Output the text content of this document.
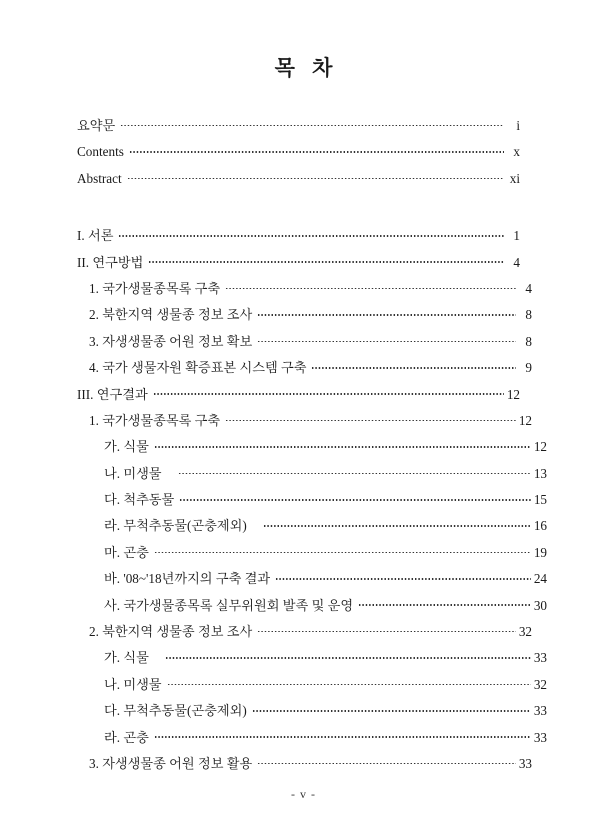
목 차
요약문	i
Contents	x
Abstract	xi
I. 서론	1
II. 연구방법	4
1. 국가생물종목록 구축	4
2. 북한지역 생물종 정보 조사	8
3. 자생생물종 어원 정보 확보	8
4. 국가 생물자원 확증표본 시스템 구축	9
III. 연구결과	12
1. 국가생물종목록 구축	12
가. 식물	12
나. 미생물	13
다. 척추동물	15
라. 무척추동물(곤충제외)	16
마. 곤충	19
바. '08~'18년까지의 구축 결과	24
사. 국가생물종목록 실무위원회 발족 및 운영	30
2. 북한지역 생물종 정보 조사	32
가. 식물	33
나. 미생물	32
다. 무척추동물(곤충제외)	33
라. 곤충	33
3. 자생생물종 어원 정보 활용	33
- v -
